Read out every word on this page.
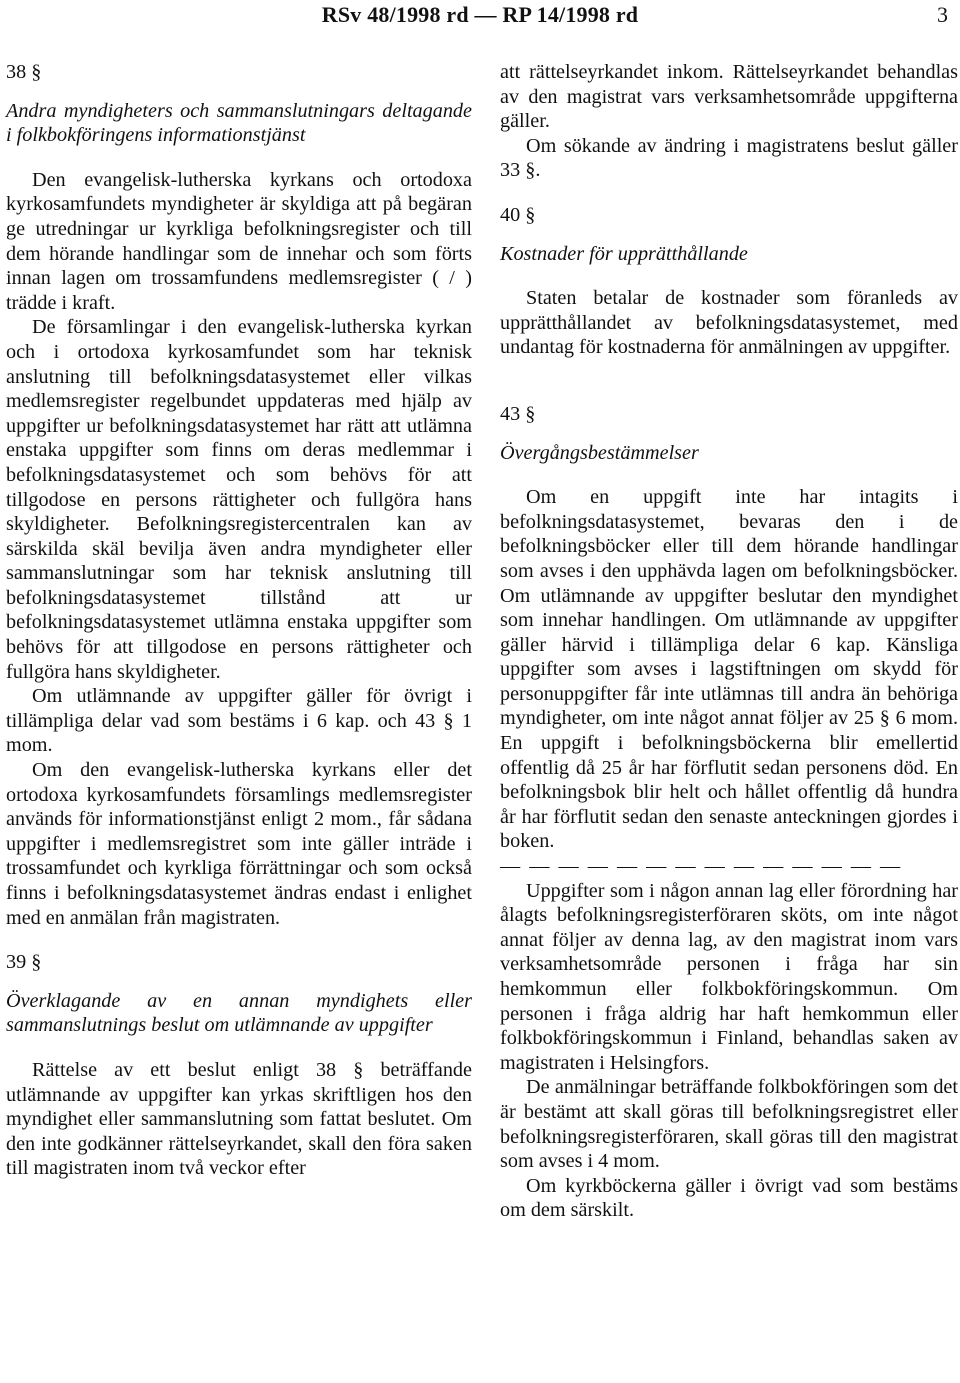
RSv 48/1998 rd — RP 14/1998 rd	3

38 §

Andra myndigheters och sammanslutningars deltagande i folkbokföringens informationstjänst

Den evangelisk-lutherska kyrkans och ortodoxa kyrkosamfundets myndigheter är skyldiga att på begäran ge utredningar ur kyrkliga befolkningsregister och till dem hörande handlingar som de innehar och som förts innan lagen om trossamfundens medlemsregister ( / ) trädde i kraft.

De församlingar i den evangelisk-lutherska kyrkan och i ortodoxa kyrkosamfundet som har teknisk anslutning till befolkningsdatasystemet eller vilkas medlemsregister regelbundet uppdateras med hjälp av uppgifter ur befolkningsdatasystemet har rätt att utlämna enstaka uppgifter som finns om deras medlemmar i befolkningsdatasystemet och som behövs för att tillgodose en persons rättigheter och fullgöra hans skyldigheter. Befolkningsregistercentralen kan av särskilda skäl bevilja även andra myndigheter eller sammanslutningar som har teknisk anslutning till befolkningsdatasystemet tillstånd att ur befolkningsdatasystemet utlämna enstaka uppgifter som behövs för att tillgodose en persons rättigheter och fullgöra hans skyldigheter.

Om utlämnande av uppgifter gäller för övrigt i tillämpliga delar vad som bestäms i 6 kap. och 43 § 1 mom.

Om den evangelisk-lutherska kyrkans eller det ortodoxa kyrkosamfundets församlings medlemsregister används för informationstjänst enligt 2 mom., får sådana uppgifter i medlemsregistret som inte gäller inträde i trossamfundet och kyrkliga förrättningar och som också finns i befolkningsdatasystemet ändras endast i enlighet med en anmälan från magistraten.

39 §

Överklagande av en annan myndighets eller sammanslutnings beslut om utlämnande av uppgifter

Rättelse av ett beslut enligt 38 § beträffande utlämnande av uppgifter kan yrkas skriftligen hos den myndighet eller sammanslutning som fattat beslutet. Om den inte godkänner rättelseyrkandet, skall den föra saken till magistraten inom två veckor efter

att rättelseyrkandet inkom. Rättelseyrkandet behandlas av den magistrat vars verksamhetsområde uppgifterna gäller.

Om sökande av ändring i magistratens beslut gäller 33 §.

40 §

Kostnader för upprätthållande

Staten betalar de kostnader som föranleds av upprätthållandet av befolkningsdatasystemet, med undantag för kostnaderna för anmälningen av uppgifter.

43 §

Övergångsbestämmelser

Om en uppgift inte har intagits i befolkningsdatasystemet, bevaras den i de befolkningsböcker eller till dem hörande handlingar som avses i den upphävda lagen om befolkningsböcker. Om utlämnande av uppgifter beslutar den myndighet som innehar handlingen. Om utlämnande av uppgifter gäller härvid i tillämpliga delar 6 kap. Känsliga uppgifter som avses i lagstiftningen om skydd för personuppgifter får inte utlämnas till andra än behöriga myndigheter, om inte något annat följer av 25 § 6 mom. En uppgift i befolkningsböckerna blir emellertid offentlig då 25 år har förflutit sedan personens död. En befolkningsbok blir helt och hållet offentlig då hundra år har förflutit sedan den senaste anteckningen gjordes i boken.

— — — — — — — — — — — — — —

Uppgifter som i någon annan lag eller förordning har ålagts befolkningsregisterföraren sköts, om inte något annat följer av denna lag, av den magistrat inom vars verksamhetsområde personen i fråga har sin hemkommun eller folkbokföringskommun. Om personen i fråga aldrig har haft hemkommun eller folkbokföringskommun i Finland, behandlas saken av magistraten i Helsingfors.

De anmälningar beträffande folkbokföringen som det är bestämt att skall göras till befolkningsregistret eller befolkningsregisterföraren, skall göras till den magistrat som avses i 4 mom.

Om kyrkböckerna gäller i övrigt vad som bestäms om dem särskilt.
